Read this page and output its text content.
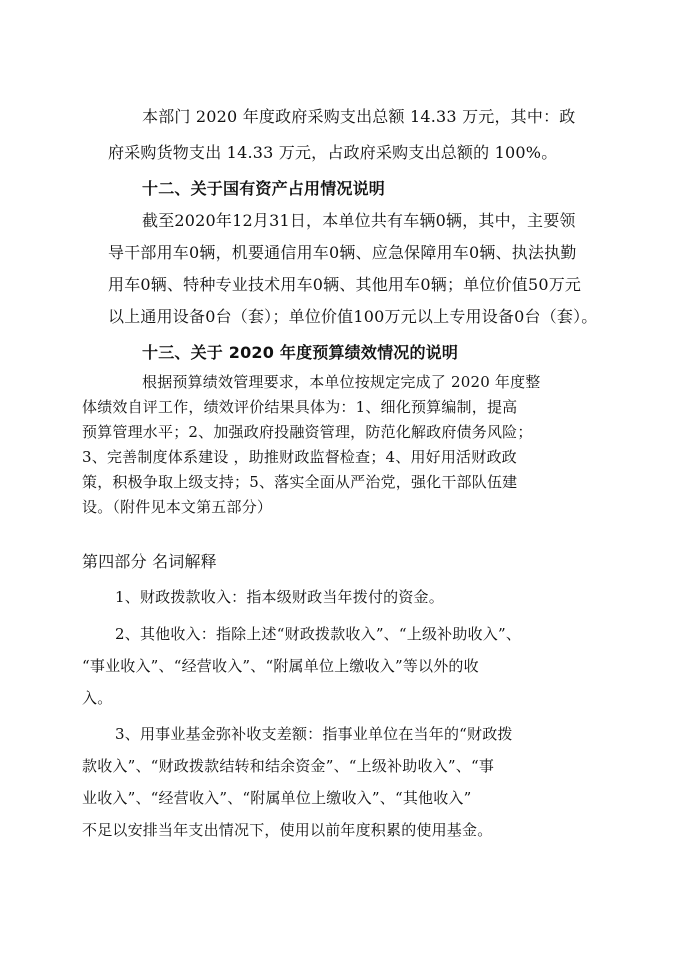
本部门 2020 年度政府采购支出总额 14.33 万元，其中：政
府采购货物支出 14.33 万元，占政府采购支出总额的 100%。
十二、关于国有资产占用情况说明
截至2020年12月31日，本单位共有车辆0辆，其中，主要领
导干部用车0辆，机要通信用车0辆、应急保障用车0辆、执法执勤
用车0辆、特种专业技术用车0辆、其他用车0辆；单位价值50万元
以上通用设备0台（套）；单位价值100万元以上专用设备0台（套）。
十三、关于 2020 年度预算绩效情况的说明
根据预算绩效管理要求，本单位按规定完成了 2020 年度整
体绩效自评工作，绩效评价结果具体为：1、细化预算编制，提高
预算管理水平；2、加强政府投融资管理，防范化解政府债务风险；
3、完善制度体系建设 ，助推财政监督检查；4、用好用活财政政
策，积极争取上级支持；5、落实全面从严治党，强化干部队伍建
设。（附件见本文第五部分）
第四部分 名词解释
1、财政拨款收入：指本级财政当年拨付的资金。
2、其他收入：指除上述“财政拨款收入”、“上级补助收入”、
“事业收入”、“经营收入”、“附属单位上缴收入”等以外的收
入。
3、用事业基金弥补收支差额：指事业单位在当年的“财政拨
款收入”、“财政拨款结转和结余资金”、“上级补助收入”、“事
业收入”、“经营收入”、“附属单位上缴收入”、“其他收入”
不足以安排当年支出情况下，使用以前年度积累的使用基金。
